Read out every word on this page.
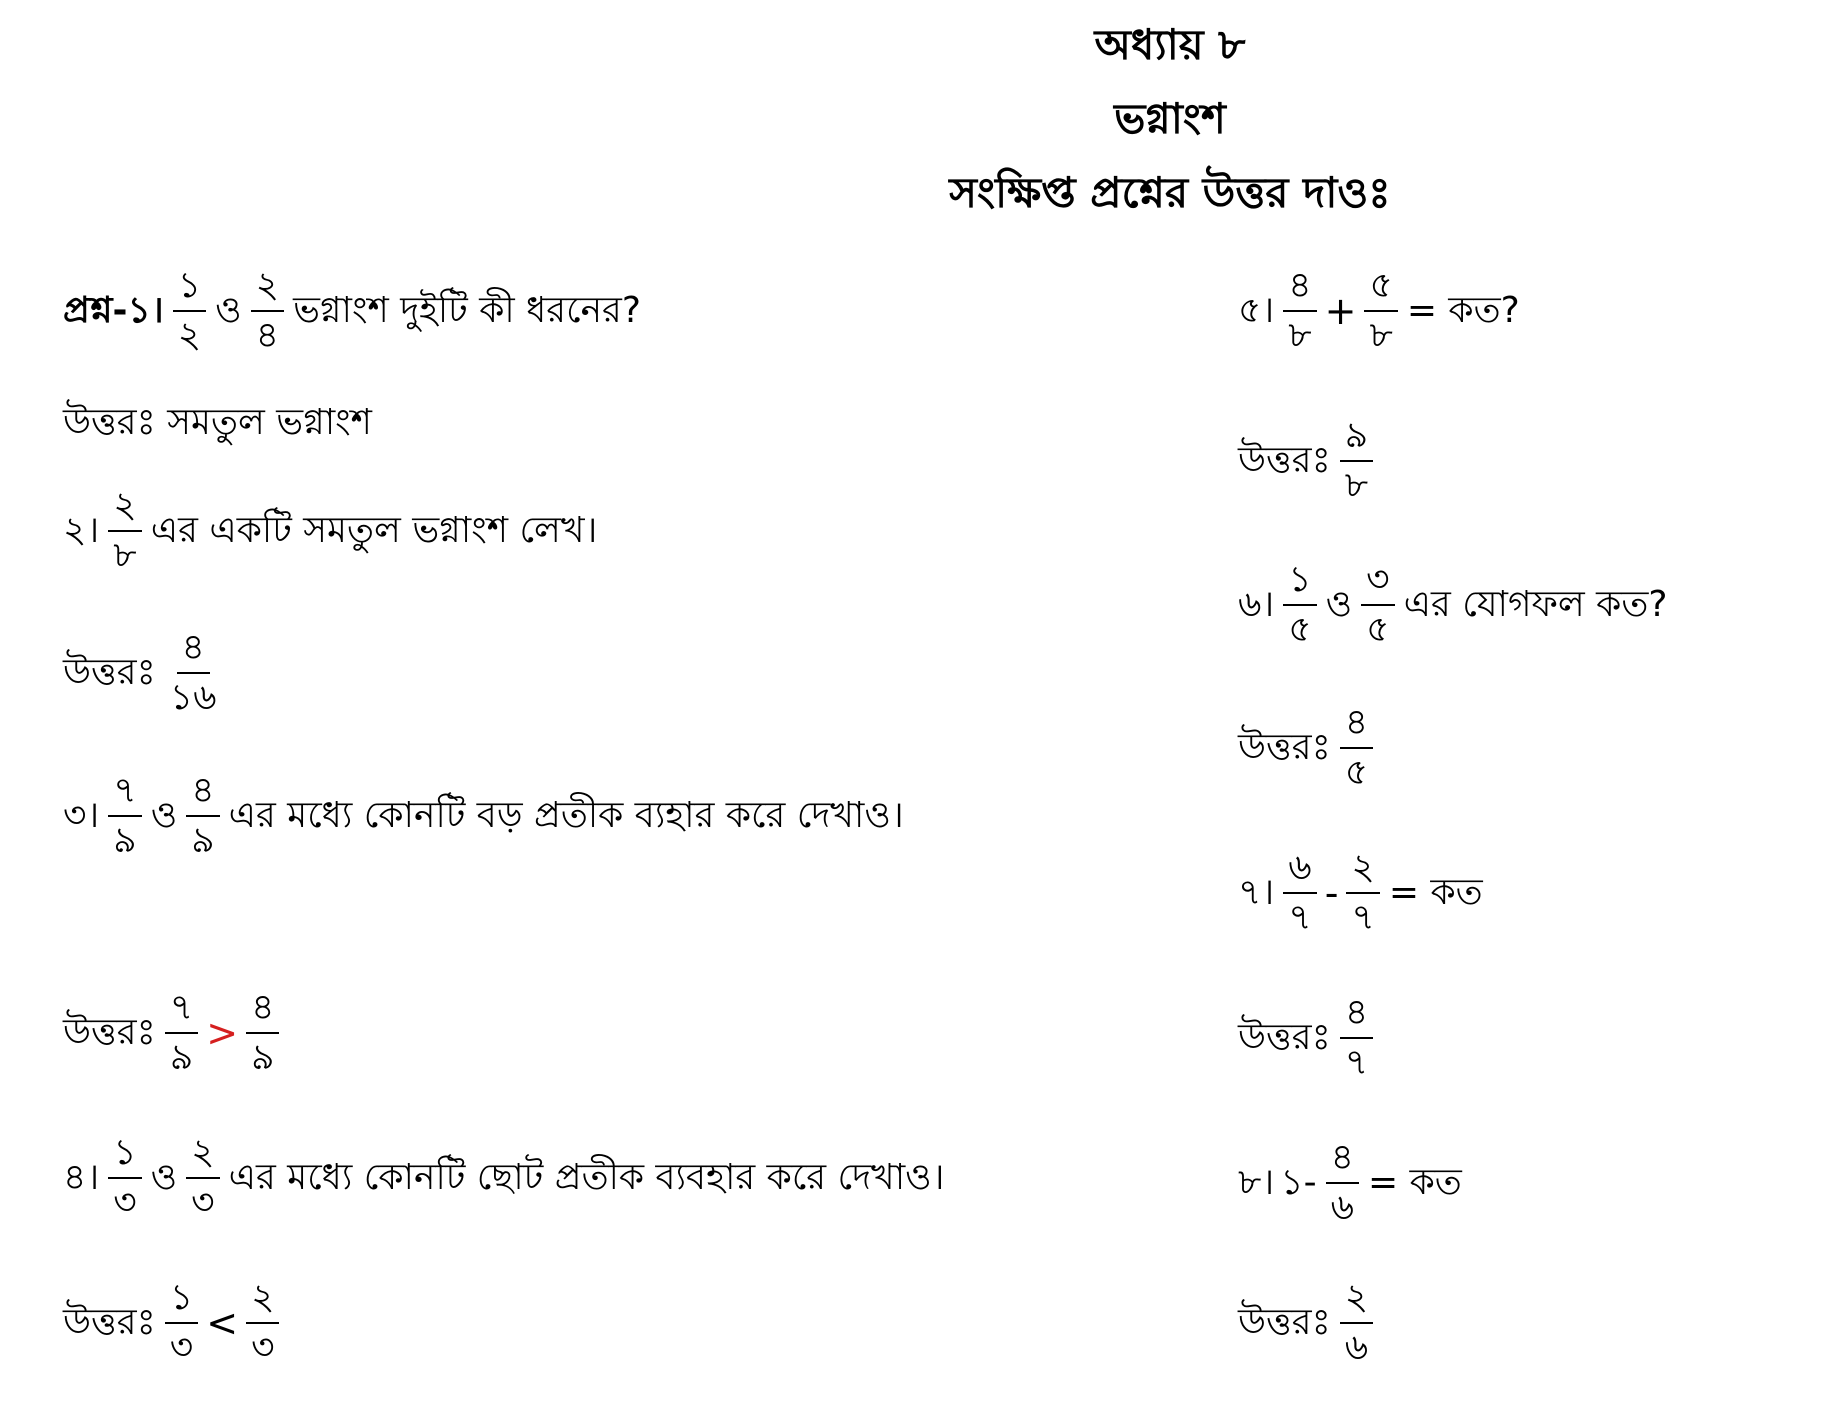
অধ্যায় ৮
ভগ্নাংশ
সংক্ষিপ্ত প্রশ্নের উত্তর দাওঃ
প্রশ্ন-১। $\frac{১}{২}$ ও $\frac{২}{৪}$ ভগ্নাংশ দুইটি কী ধরনের?
উত্তরঃ সমতুল ভগ্নাংশ
২। $\frac{২}{৮}$ এর একটি সমতুল ভগ্নাংশ লেখ।
উত্তরঃ $\frac{৪}{১৬}$
৩। $\frac{৭}{৯}$ ও $\frac{৪}{৯}$ এর মধ্যে কোনটি বড় প্রতীক ব্যহার করে দেখাও।
উত্তরঃ $\frac{৭}{৯} > \frac{৪}{৯}$
৪। $\frac{১}{৩}$ ও $\frac{২}{৩}$ এর মধ্যে কোনটি ছোট প্রতীক ব্যবহার করে দেখাও।
উত্তরঃ $\frac{১}{৩} < \frac{২}{৩}$
৫। $\frac{৪}{৮} + \frac{৫}{৮}$ = কত?
উত্তরঃ $\frac{৯}{৮}$
৬। $\frac{১}{৫}$ ও $\frac{৩}{৫}$ এর যোগফল কত?
উত্তরঃ $\frac{৪}{৫}$
৭। $\frac{৬}{৭} - \frac{২}{৭}$ = কত
উত্তরঃ $\frac{৪}{৭}$
৮। ১- $\frac{৪}{৬}$ = কত
উত্তরঃ $\frac{২}{৬}$
